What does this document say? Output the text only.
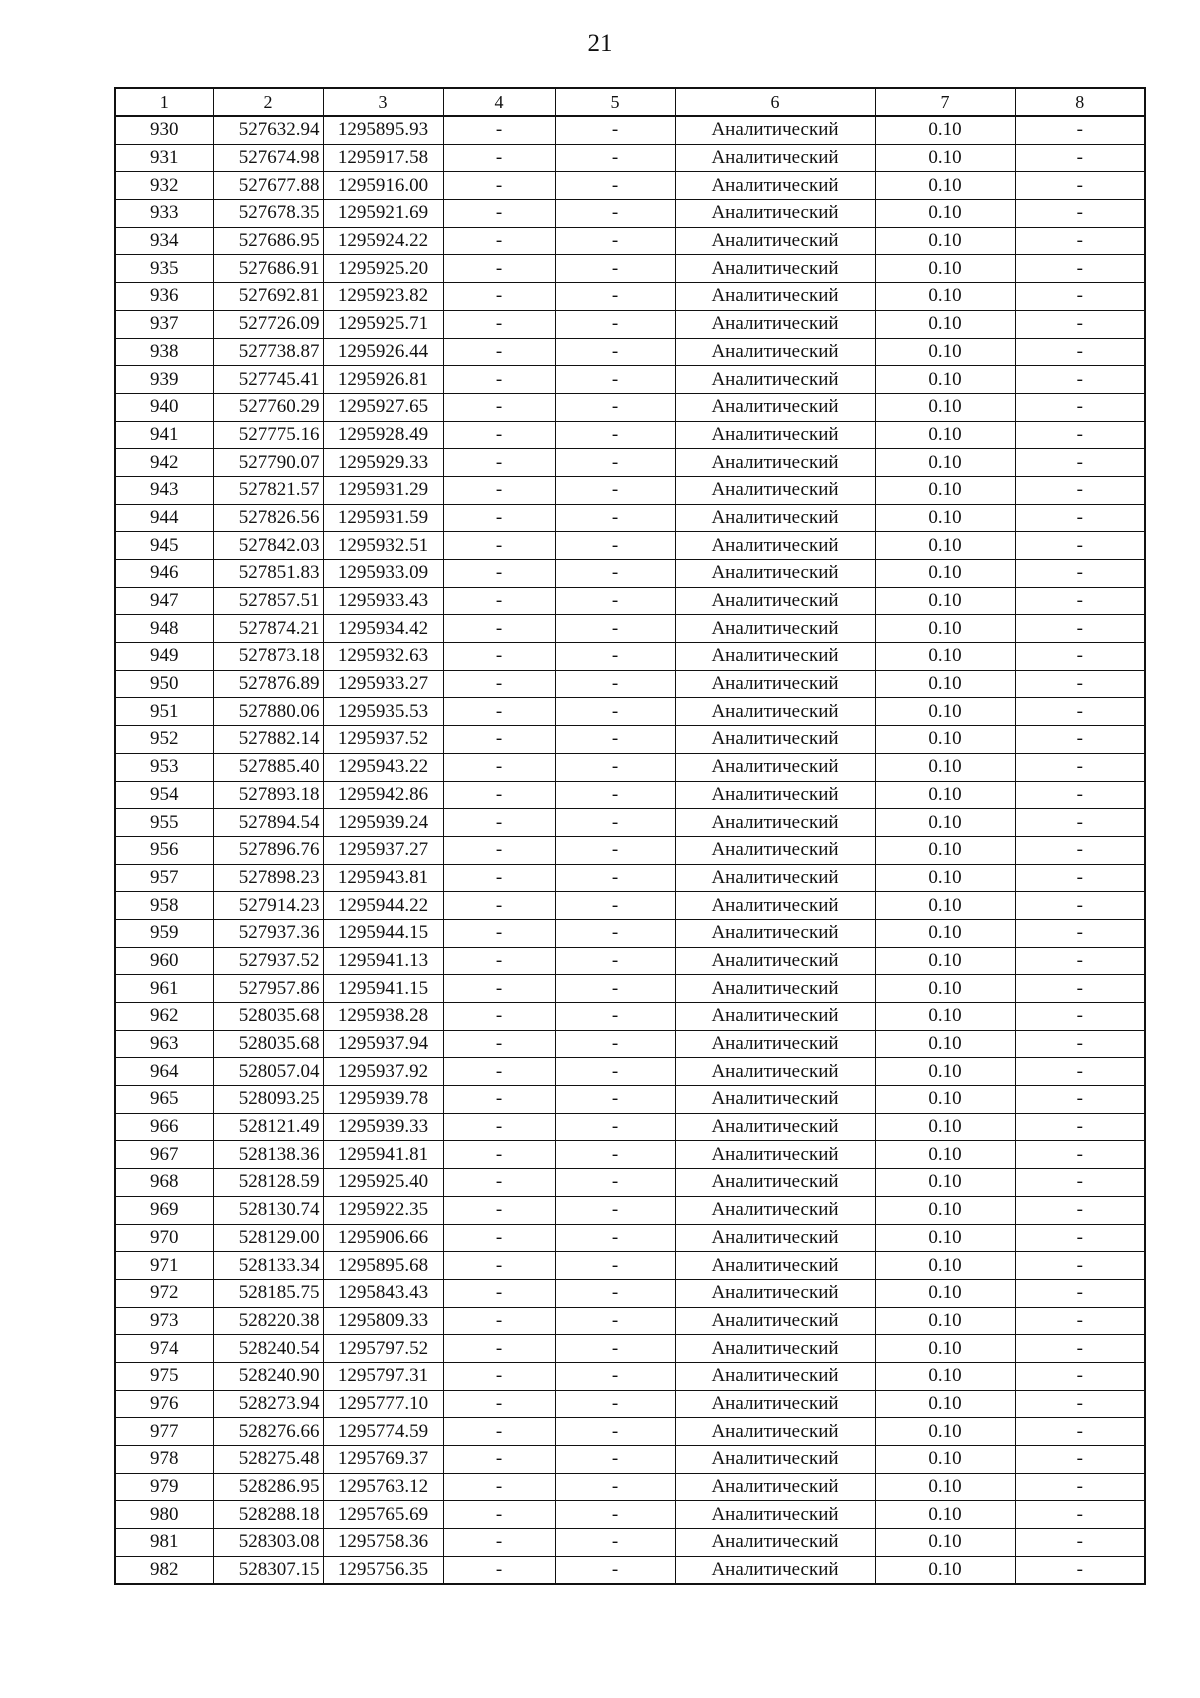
21
1	2	3	4	5	6	7	8
930	527632.94	1295895.93	-	-	Аналитический	0.10	-
931	527674.98	1295917.58	-	-	Аналитический	0.10	-
932	527677.88	1295916.00	-	-	Аналитический	0.10	-
933	527678.35	1295921.69	-	-	Аналитический	0.10	-
934	527686.95	1295924.22	-	-	Аналитический	0.10	-
935	527686.91	1295925.20	-	-	Аналитический	0.10	-
936	527692.81	1295923.82	-	-	Аналитический	0.10	-
937	527726.09	1295925.71	-	-	Аналитический	0.10	-
938	527738.87	1295926.44	-	-	Аналитический	0.10	-
939	527745.41	1295926.81	-	-	Аналитический	0.10	-
940	527760.29	1295927.65	-	-	Аналитический	0.10	-
941	527775.16	1295928.49	-	-	Аналитический	0.10	-
942	527790.07	1295929.33	-	-	Аналитический	0.10	-
943	527821.57	1295931.29	-	-	Аналитический	0.10	-
944	527826.56	1295931.59	-	-	Аналитический	0.10	-
945	527842.03	1295932.51	-	-	Аналитический	0.10	-
946	527851.83	1295933.09	-	-	Аналитический	0.10	-
947	527857.51	1295933.43	-	-	Аналитический	0.10	-
948	527874.21	1295934.42	-	-	Аналитический	0.10	-
949	527873.18	1295932.63	-	-	Аналитический	0.10	-
950	527876.89	1295933.27	-	-	Аналитический	0.10	-
951	527880.06	1295935.53	-	-	Аналитический	0.10	-
952	527882.14	1295937.52	-	-	Аналитический	0.10	-
953	527885.40	1295943.22	-	-	Аналитический	0.10	-
954	527893.18	1295942.86	-	-	Аналитический	0.10	-
955	527894.54	1295939.24	-	-	Аналитический	0.10	-
956	527896.76	1295937.27	-	-	Аналитический	0.10	-
957	527898.23	1295943.81	-	-	Аналитический	0.10	-
958	527914.23	1295944.22	-	-	Аналитический	0.10	-
959	527937.36	1295944.15	-	-	Аналитический	0.10	-
960	527937.52	1295941.13	-	-	Аналитический	0.10	-
961	527957.86	1295941.15	-	-	Аналитический	0.10	-
962	528035.68	1295938.28	-	-	Аналитический	0.10	-
963	528035.68	1295937.94	-	-	Аналитический	0.10	-
964	528057.04	1295937.92	-	-	Аналитический	0.10	-
965	528093.25	1295939.78	-	-	Аналитический	0.10	-
966	528121.49	1295939.33	-	-	Аналитический	0.10	-
967	528138.36	1295941.81	-	-	Аналитический	0.10	-
968	528128.59	1295925.40	-	-	Аналитический	0.10	-
969	528130.74	1295922.35	-	-	Аналитический	0.10	-
970	528129.00	1295906.66	-	-	Аналитический	0.10	-
971	528133.34	1295895.68	-	-	Аналитический	0.10	-
972	528185.75	1295843.43	-	-	Аналитический	0.10	-
973	528220.38	1295809.33	-	-	Аналитический	0.10	-
974	528240.54	1295797.52	-	-	Аналитический	0.10	-
975	528240.90	1295797.31	-	-	Аналитический	0.10	-
976	528273.94	1295777.10	-	-	Аналитический	0.10	-
977	528276.66	1295774.59	-	-	Аналитический	0.10	-
978	528275.48	1295769.37	-	-	Аналитический	0.10	-
979	528286.95	1295763.12	-	-	Аналитический	0.10	-
980	528288.18	1295765.69	-	-	Аналитический	0.10	-
981	528303.08	1295758.36	-	-	Аналитический	0.10	-
982	528307.15	1295756.35	-	-	Аналитический	0.10	-
